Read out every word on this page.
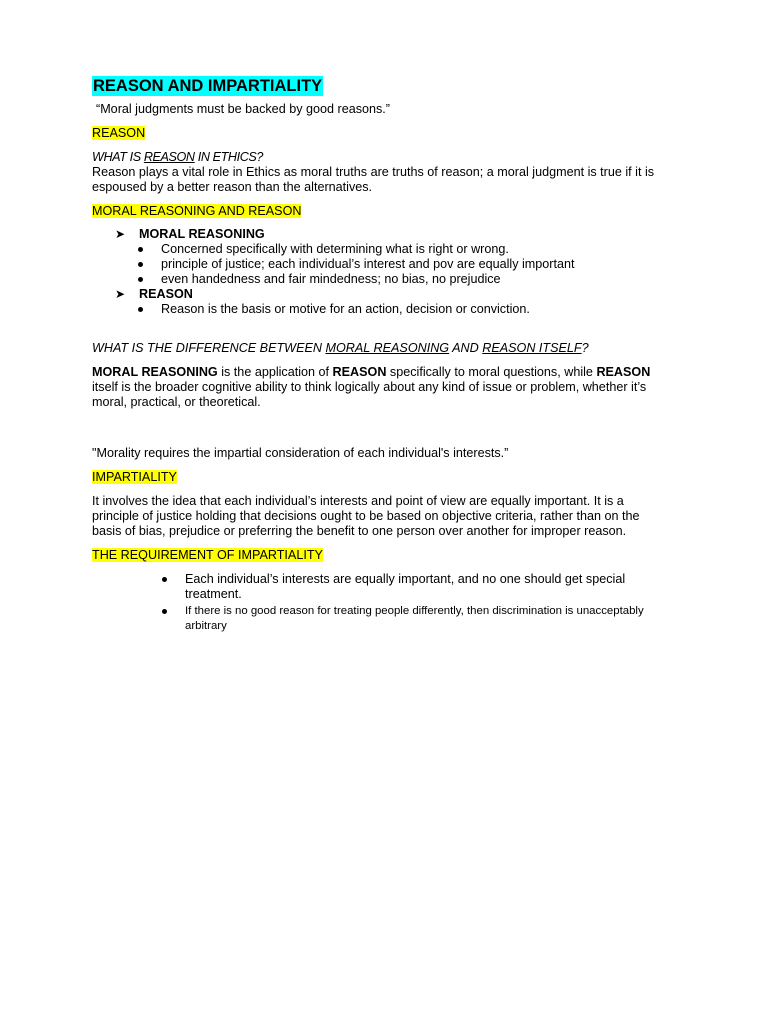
REASON AND IMPARTIALITY

“Moral judgments must be backed by good reasons.”

REASON

WHAT IS REASON IN ETHICS?

Reason plays a vital role in Ethics as moral truths are truths of reason; a moral judgment is true if it is espoused by a better reason than the alternatives.

MORAL REASONING AND REASON

➤ MORAL REASONING
Concerned specifically with determining what is right or wrong.
principle of justice; each individual’s interest and pov are equally important
even handedness and fair mindedness; no bias, no prejudice
➤ REASON
Reason is the basis or motive for an action, decision or conviction.

WHAT IS THE DIFFERENCE BETWEEN MORAL REASONING AND REASON ITSELF?

MORAL REASONING is the application of REASON specifically to moral questions, while REASON itself is the broader cognitive ability to think logically about any kind of issue or problem, whether it’s moral, practical, or theoretical.

"Morality requires the impartial consideration of each individual's interests.”

IMPARTIALITY

It involves the idea that each individual’s interests and point of view are equally important. It is a principle of justice holding that decisions ought to be based on objective criteria, rather than on the basis of bias, prejudice or preferring the benefit to one person over another for improper reason.

THE REQUIREMENT OF IMPARTIALITY

Each individual’s interests are equally important, and no one should get special treatment.
If there is no good reason for treating people differently, then discrimination is unacceptably arbitrary
